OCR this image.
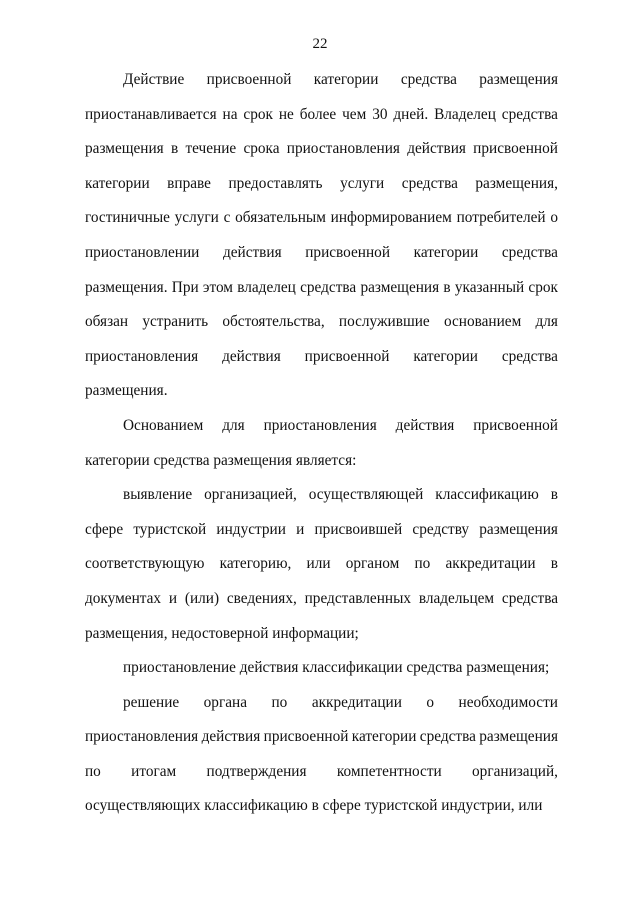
22
Действие присвоенной категории средства размещения
приостанавливается на срок не более чем 30 дней. Владелец средства
размещения в течение срока приостановления действия присвоенной
категории вправе предоставлять услуги средства размещения,
гостиничные услуги с обязательным информированием потребителей о
приостановлении действия присвоенной категории средства
размещения. При этом владелец средства размещения в указанный срок
обязан устранить обстоятельства, послужившие основанием для
приостановления действия присвоенной категории средства
размещения.
Основанием для приостановления действия присвоенной
категории средства размещения является:
выявление организацией, осуществляющей классификацию в
сфере туристской индустрии и присвоившей средству размещения
соответствующую категорию, или органом по аккредитации в
документах и (или) сведениях, представленных владельцем средства
размещения, недостоверной информации;
приостановление действия классификации средства размещения;
решение органа по аккредитации о необходимости
приостановления действия присвоенной категории средства размещения
по итогам подтверждения компетентности организаций,
осуществляющих классификацию в сфере туристской индустрии, или
